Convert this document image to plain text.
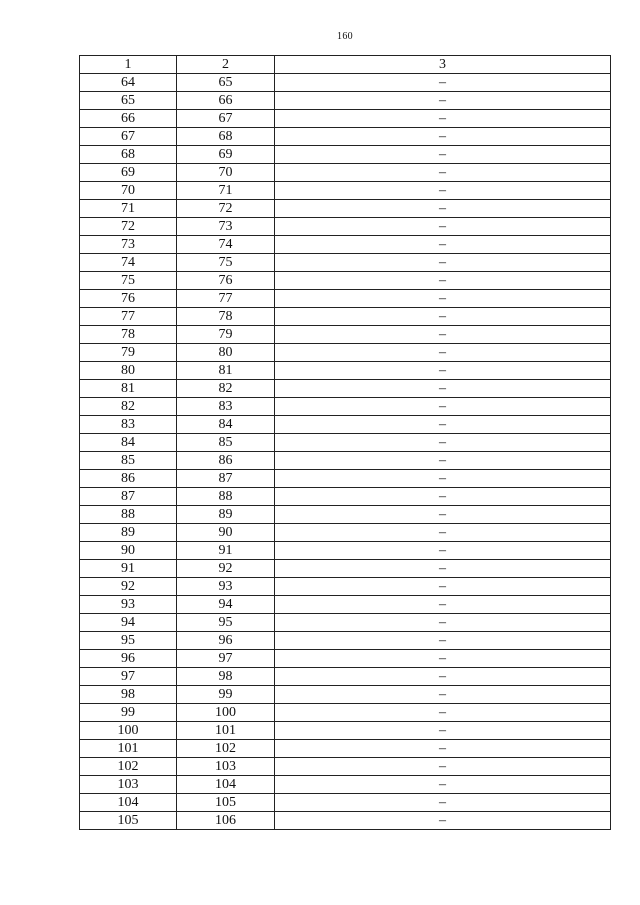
160
1	2	3
64	65	–
65	66	–
66	67	–
67	68	–
68	69	–
69	70	–
70	71	–
71	72	–
72	73	–
73	74	–
74	75	–
75	76	–
76	77	–
77	78	–
78	79	–
79	80	–
80	81	–
81	82	–
82	83	–
83	84	–
84	85	–
85	86	–
86	87	–
87	88	–
88	89	–
89	90	–
90	91	–
91	92	–
92	93	–
93	94	–
94	95	–
95	96	–
96	97	–
97	98	–
98	99	–
99	100	–
100	101	–
101	102	–
102	103	–
103	104	–
104	105	–
105	106	–
